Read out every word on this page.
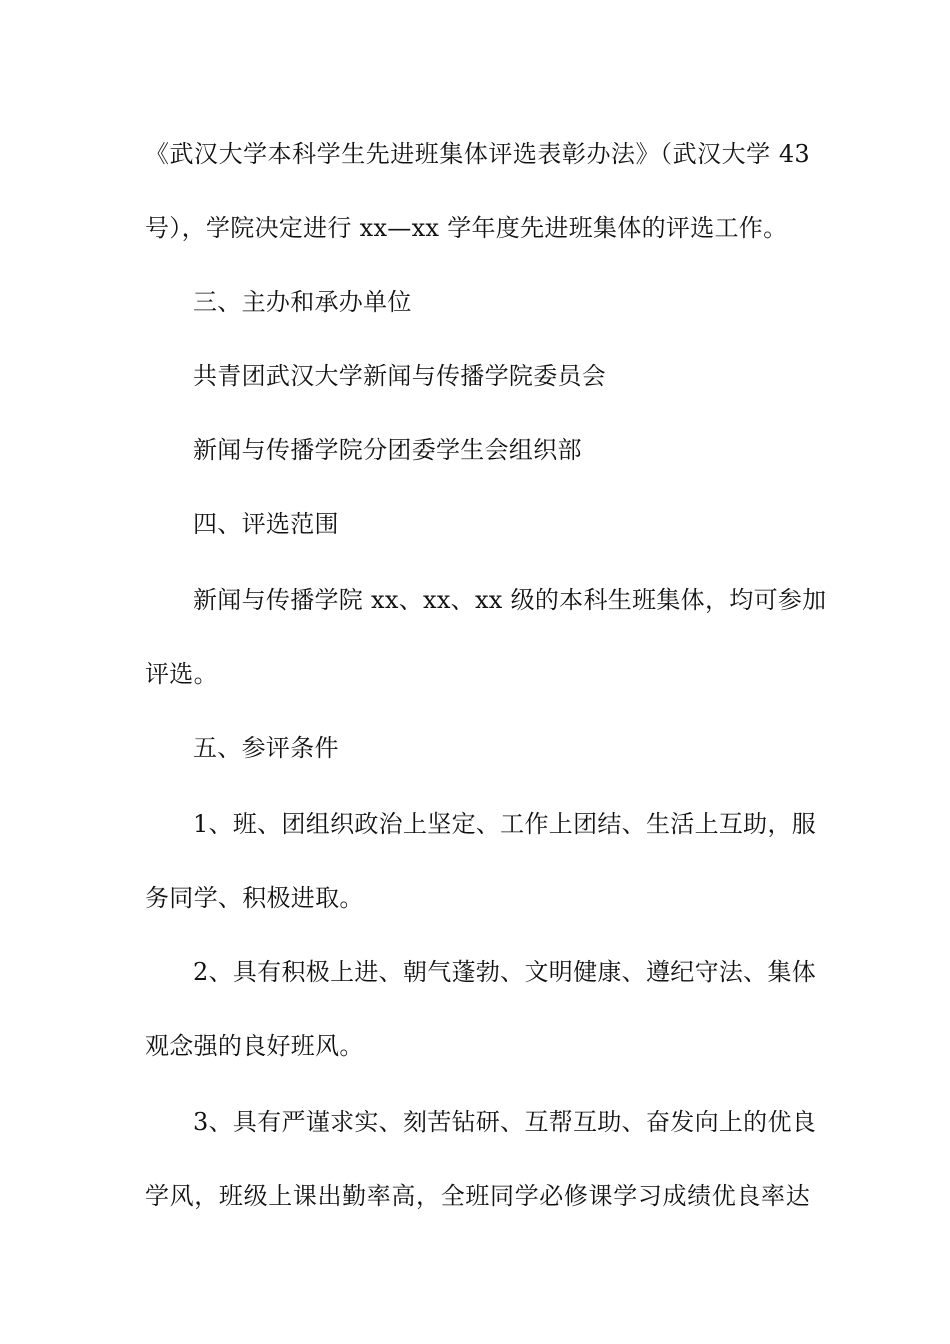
《武汉大学本科学生先进班集体评选表彰办法》（武汉大学 43
号），学院决定进行 xx—xx 学年度先进班集体的评选工作。
三、主办和承办单位
共青团武汉大学新闻与传播学院委员会
新闻与传播学院分团委学生会组织部
四、评选范围
新闻与传播学院 xx、xx、xx 级的本科生班集体，均可参加
评选。
五、参评条件
1、班、团组织政治上坚定、工作上团结、生活上互助，服
务同学、积极进取。
2、具有积极上进、朝气蓬勃、文明健康、遵纪守法、集体
观念强的良好班风。
3、具有严谨求实、刻苦钻研、互帮互助、奋发向上的优良
学风，班级上课出勤率高，全班同学必修课学习成绩优良率达
